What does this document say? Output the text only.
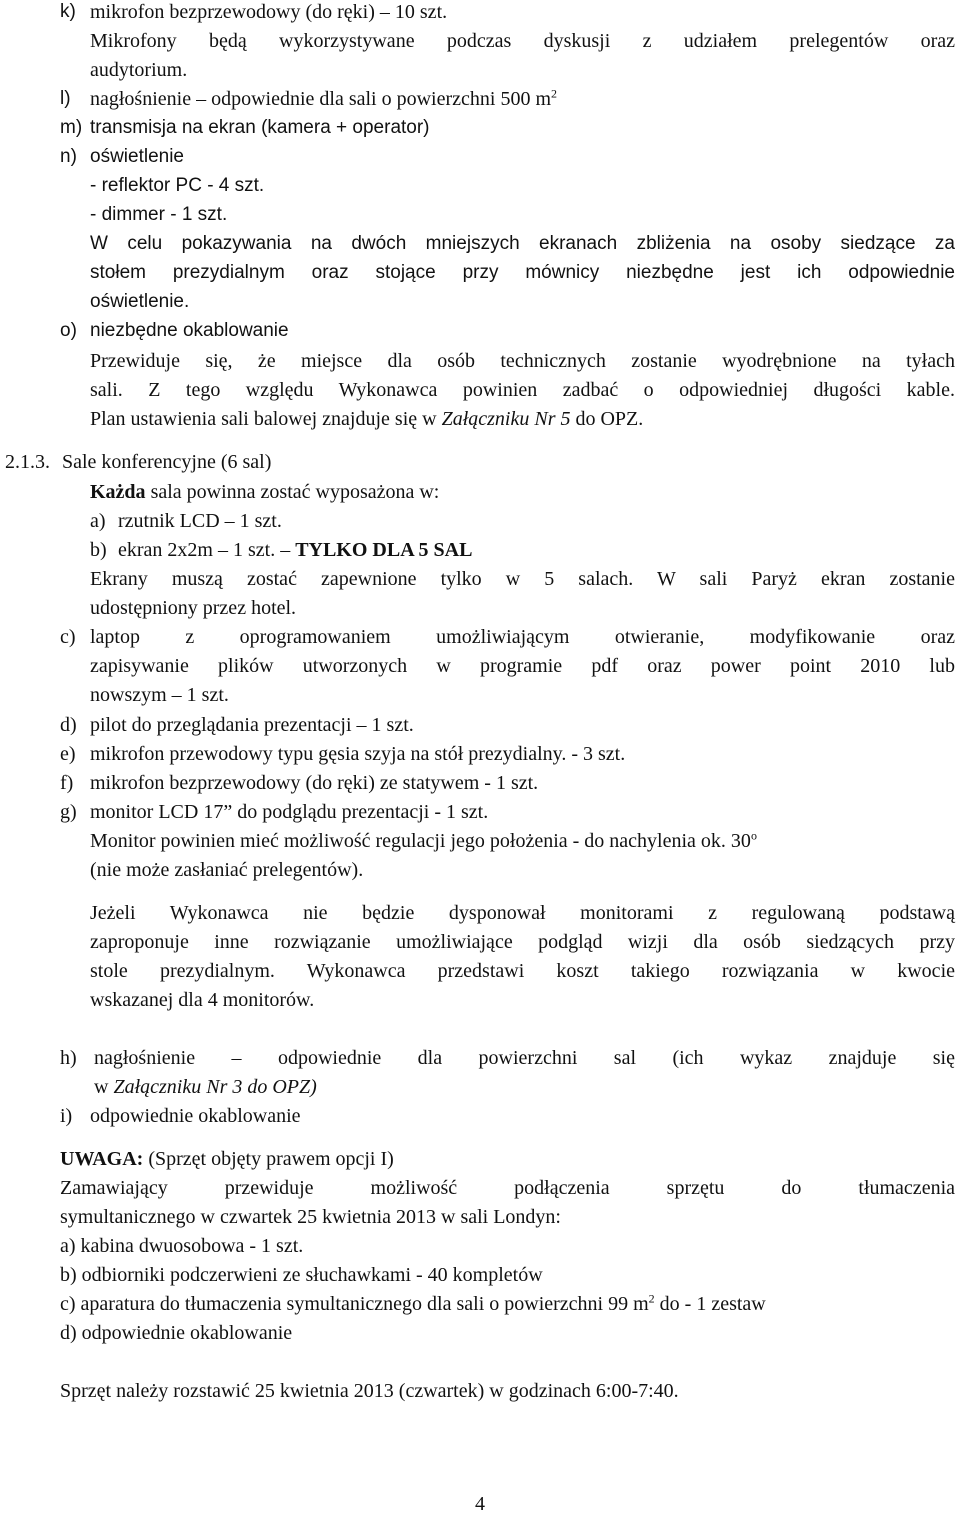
k) mikrofon bezprzewodowy (do ręki) – 10 szt.
Mikrofony będą wykorzystywane podczas dyskusji z udziałem prelegentów oraz
audytorium.
l) nagłośnienie – odpowiednie dla sali o powierzchni 500 $m^2$
m) transmisja na ekran (kamera + operator)
n) oświetlenie
- reflektor PC - 4 szt.
- dimmer - 1 szt.
W celu pokazywania na dwóch mniejszych ekranach zbliżenia na osoby siedzące za
stołem prezydialnym oraz stojące przy mównicy niezbędne jest ich odpowiednie
oświetlenie.
o) niezbędne okablowanie
Przewiduje się, że miejsce dla osób technicznych zostanie wyodrębnione na tyłach
sali. Z tego względu Wykonawca powinien zadbać o odpowiedniej długości kable.
Plan ustawienia sali balowej znajduje się w Załączniku Nr 5 do OPZ.
2.1.3. Sale konferencyjne (6 sal)
Każda sala powinna zostać wyposażona w:
a) rzutnik LCD – 1 szt.
b) ekran 2x2m – 1 szt. – TYLKO DLA 5 SAL
Ekrany muszą zostać zapewnione tylko w 5 salach. W sali Paryż ekran zostanie
udostępniony przez hotel.
c) laptop z oprogramowaniem umożliwiającym otwieranie, modyfikowanie oraz
zapisywanie plików utworzonych w programie pdf oraz power point 2010 lub
nowszym – 1 szt.
d) pilot do przeglądania prezentacji – 1 szt.
e) mikrofon przewodowy typu gęsia szyja na stół prezydialny. - 3 szt.
f) mikrofon bezprzewodowy (do ręki) ze statywem - 1 szt.
g) monitor LCD 17” do podglądu prezentacji - 1 szt.
Monitor powinien mieć możliwość regulacji jego położenia - do nachylenia ok. 30$^o$
(nie może zasłaniać prelegentów).
Jeżeli Wykonawca nie będzie dysponował monitorami z regulowaną podstawą
zaproponuje inne rozwiązanie umożliwiające podgląd wizji dla osób siedzących przy
stole prezydialnym. Wykonawca przedstawi koszt takiego rozwiązania w kwocie
wskazanej dla 4 monitorów.
h) nagłośnienie – odpowiednie dla powierzchni sal (ich wykaz znajduje się
w Załączniku Nr 3 do OPZ)
i) odpowiednie okablowanie
UWAGA: (Sprzęt objęty prawem opcji I)
Zamawiający przewiduje możliwość podłączenia sprzętu do tłumaczenia
symultanicznego w czwartek 25 kwietnia 2013 w sali Londyn:
a) kabina dwuosobowa - 1 szt.
b) odbiorniki podczerwieni ze słuchawkami - 40 kompletów
c) aparatura do tłumaczenia symultanicznego dla sali o powierzchni 99 $m^2$ do - 1 zestaw
d) odpowiednie okablowanie
Sprzęt należy rozstawić 25 kwietnia 2013 (czwartek) w godzinach 6:00-7:40.
4
